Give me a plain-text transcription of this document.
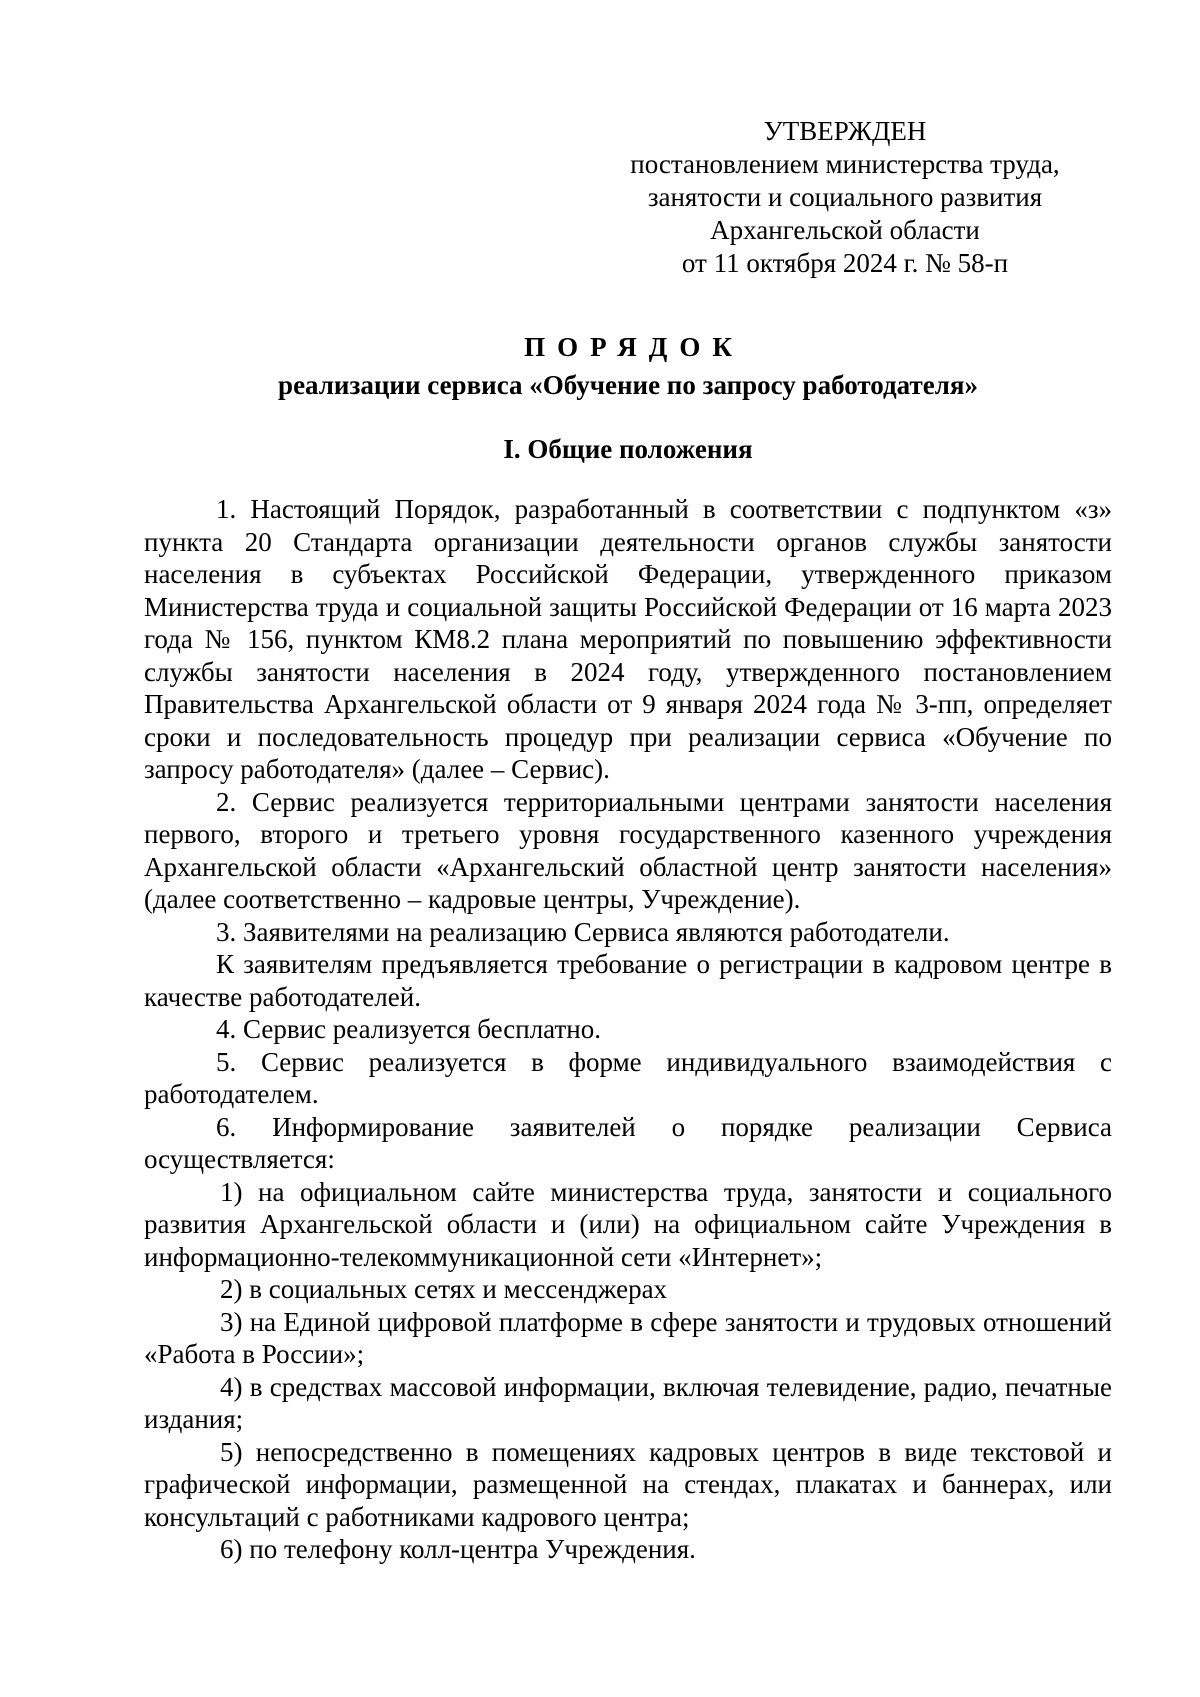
УТВЕРЖДЕН
постановлением министерства труда,
занятости и социального развития
Архангельской области
от 11 октября 2024 г. № 58-п
ПОРЯДОК
реализации сервиса «Обучение по запросу работодателя»
I. Общие положения

1. Настоящий Порядок, разработанный в соответствии с подпунктом «з» пункта 20 Стандарта организации деятельности органов службы занятости населения в субъектах Российской Федерации, утвержденного приказом Министерства труда и социальной защиты Российской Федерации от 16 марта 2023 года № 156, пунктом КМ8.2 плана мероприятий по повышению эффективности службы занятости населения в 2024 году, утвержденного постановлением Правительства Архангельской области от 9 января 2024 года № 3-пп, определяет сроки и последовательность процедур при реализации сервиса «Обучение по запросу работодателя» (далее – Сервис).

2. Сервис реализуется территориальными центрами занятости населения первого, второго и третьего уровня государственного казенного учреждения Архангельской области «Архангельский областной центр занятости населения» (далее соответственно – кадровые центры, Учреждение).

3. Заявителями на реализацию Сервиса являются работодатели.

К заявителям предъявляется требование о регистрации в кадровом центре в качестве работодателей.

4. Сервис реализуется бесплатно.

5. Сервис реализуется в форме индивидуального взаимодействия с работодателем.

6. Информирование заявителей о порядке реализации Сервиса осуществляется:

1) на официальном сайте министерства труда, занятости и социального развития Архангельской области и (или) на официальном сайте Учреждения в информационно-телекоммуникационной сети «Интернет»;

2) в социальных сетях и мессенджерах

3) на Единой цифровой платформе в сфере занятости и трудовых отношений «Работа в России»;

4) в средствах массовой информации, включая телевидение, радио, печатные издания;

5) непосредственно в помещениях кадровых центров в виде текстовой и графической информации, размещенной на стендах, плакатах и баннерах, или консультаций с работниками кадрового центра;

6) по телефону колл-центра Учреждения.
